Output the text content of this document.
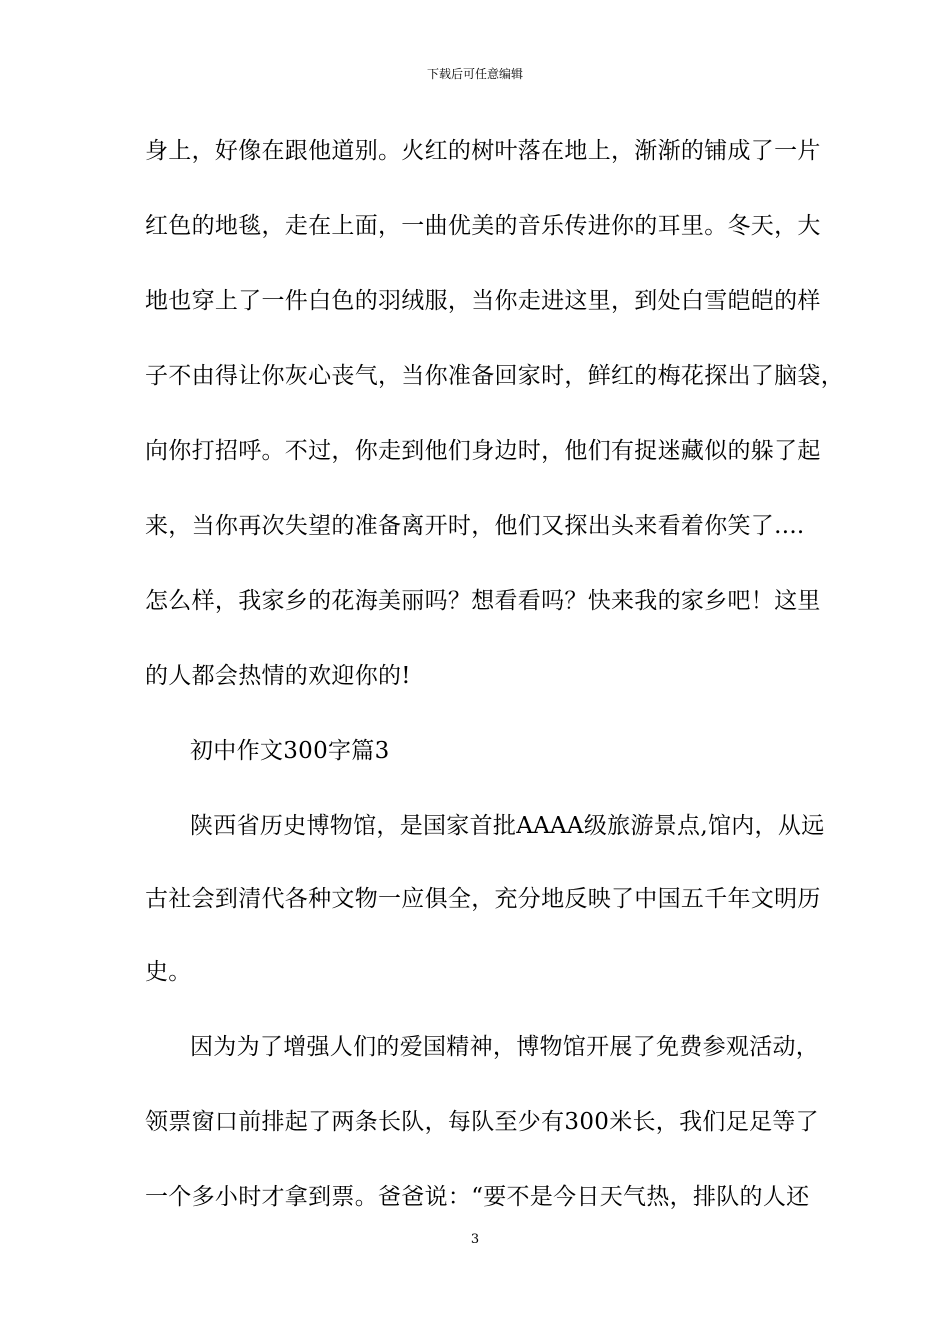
下载后可任意编辑
身上，好像在跟他道别。火红的树叶落在地上，渐渐的铺成了一片
红色的地毯，走在上面，一曲优美的音乐传进你的耳里。冬天，大
地也穿上了一件白色的羽绒服，当你走进这里，到处白雪皑皑的样
子不由得让你灰心丧气，当你准备回家时，鲜红的梅花探出了脑袋，
向你打招呼。不过，你走到他们身边时，他们有捉迷藏似的躲了起
来，当你再次失望的准备离开时，他们又探出头来看着你笑了....
怎么样，我家乡的花海美丽吗？想看看吗？快来我的家乡吧！这里
的人都会热情的欢迎你的!
初中作文300字篇3
陕西省历史博物馆，是国家首批AAAA级旅游景点,馆内，从远
古社会到清代各种文物一应俱全，充分地反映了中国五千年文明历
史。
因为为了增强人们的爱国精神，博物馆开展了免费参观活动，
领票窗口前排起了两条长队，每队至少有300米长，我们足足等了
一个多小时才拿到票。爸爸说：“要不是今日天气热，排队的人还
3
